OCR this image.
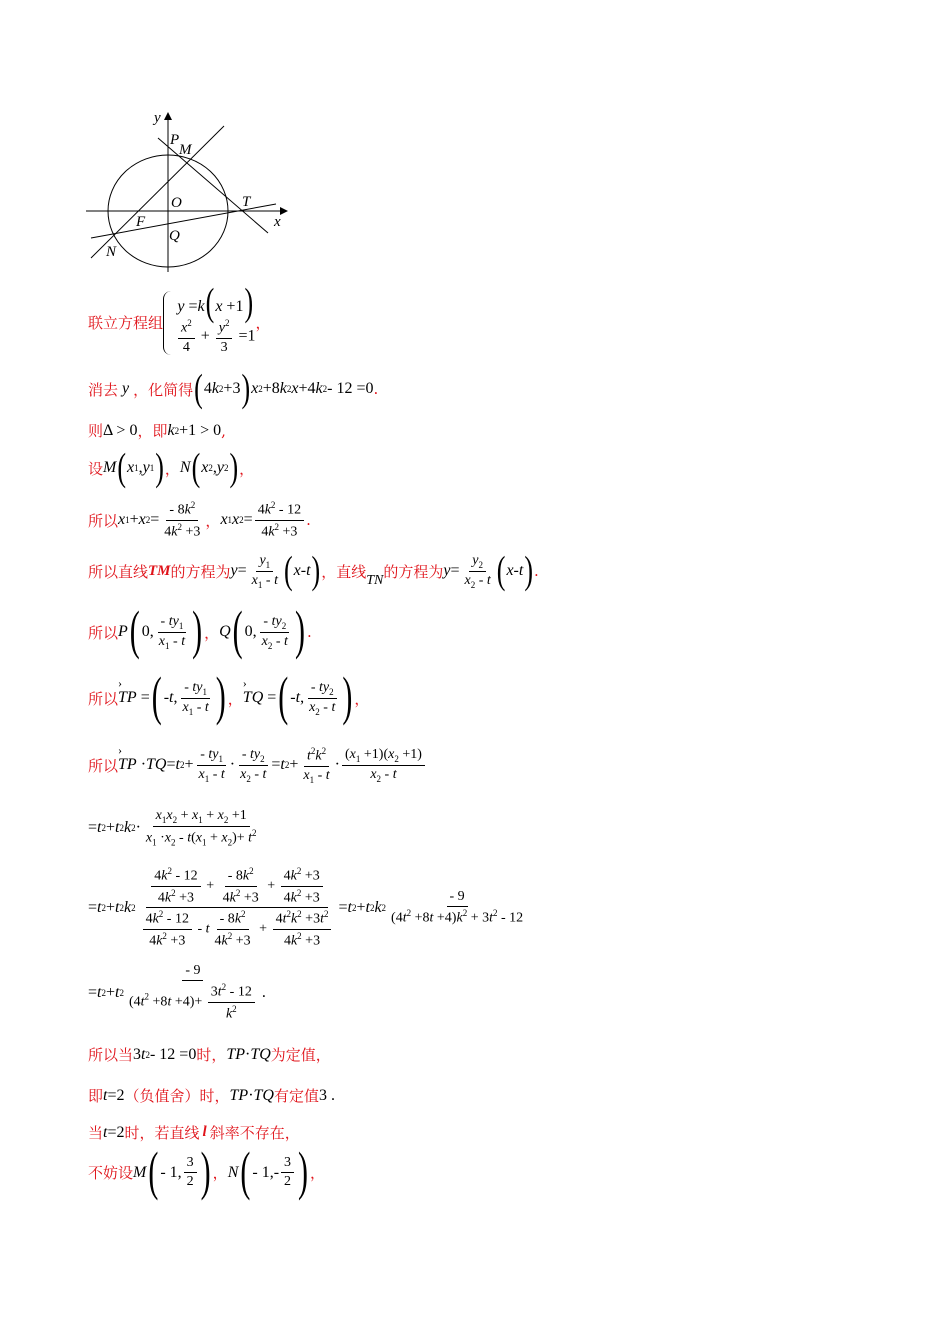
y
P
M
O	T
x
F
Q
N
联立方程组
y =k(x +1)
$\frac{x^2}{4} + \frac{y^2}{3} =1$
，
消去 y
，化简得 ( 4 k 2 +3 ) x 2 +8 k 2 x +4 k 2 - 12 =0 .
则 Δ > 0 ，即 k 2 +1 > 0 ,
设 M ( x 1 , y 1 ) ， N ( x 2 , y 2 ) ，
所以 x 1 + x $2 = \frac{- 8k^2}{4k^2 +3}$ ， x 1 x $2 = \frac{4k^2 - 12}{4k^2 +3}$ .
所以直线 TM 的方程为 $y = \frac{y_1}{x_1 - t}$ ( x - t ) ，直线 TN 的方程为 $y = \frac{y_2}{x_2 - t}$ ( x - t ) .
所以 P ( 0, $\frac{- ty_1}{x_1 - t}$ ) ， Q ( 0, $\frac{- ty_2}{x_2 - t}$ ) .
所以 › TP = ( - t , $\frac{- ty_1}{x_1 - t}$ ) ， › TQ = ( - t , $\frac{- ty_2}{x_2 - t}$ ) ，
所以 › TP · TQ = t $2 + \frac{- ty_1}{x_1 - t} \cdot \frac{- ty_2}{x_2 - t} = t$ $2 + \frac{t^2k^2}{x_1 - t} \cdot \frac{(x_1 +1)(x_2 +1)}{x_2 - t}$
= t 2 + t 2 k $2 \cdot \frac{x_1x_2 + x_1 + x_2 +1}{x_1 \cdot x_2 - t(x_1 + x_2)+ t^2}$
= t 2 + t 2 k $2 \frac{\frac{4k^2 - 12}{4k^2 +3} + \frac{- 8k^2}{4k^2 +3} + \frac{4k^2 +3}{4k^2 +3}}{\frac{4k^2 - 12}{4k^2 +3} - t \frac{- 8k^2}{4k^2 +3} + \frac{4t^2k^2 +3t^2}{4k^2 +3}} = t$ 2 + t 2 k $2 \frac{- 9}{(4t^2 +8t +4)k^2 + 3t^2 - 12}$
= t 2 + t $2 \frac{- 9}{(4t^2 +8t +4)+ \frac{3t^2 - 12}{k^2}}$ .
所以当 3 t 2 - 12 =0 时， TP · TQ 为定值，
即 t =2 （负值舍）时， TP · TQ 有定值 3 .
当 t =2 时，若直线 l 斜率不存在，
不妨设 M ( - 1, $\frac{3}{2}$ ) ， N ( - $1,- \frac{3}{2}$ ) ，
